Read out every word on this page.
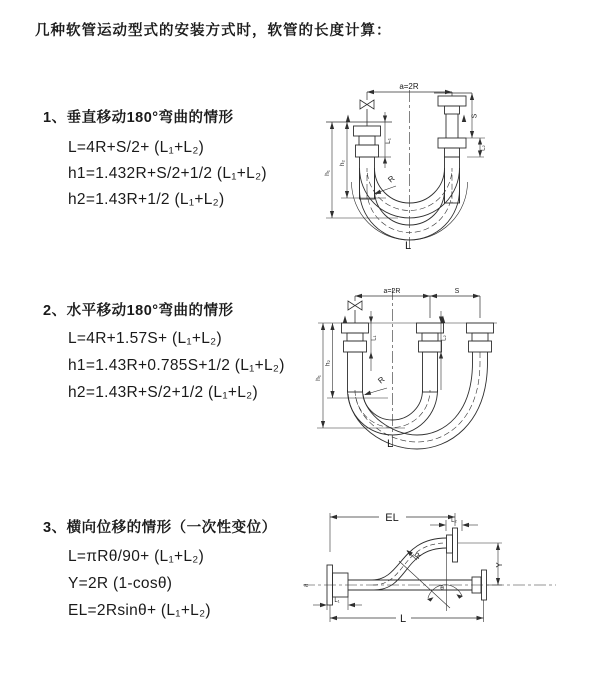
几种软管运动型式的安装方式时，软管的长度计算：
1、垂直移动180°弯曲的情形
L=4R+S/2+ (L₁+L₂)
h1=1.432R+S/2+1/2 (L₁+L₂)
h2=1.43R+1/2 (L₁+L₂)
2、水平移动180°弯曲的情形
L=4R+1.57S+ (L₁+L₂)
h1=1.43R+0.785S+1/2 (L₁+L₂)
h2=1.43R+S/2+1/2 (L₁+L₂)
3、横向位移的情形（一次性变位）
L=πRθ/90+ (L₁+L₂)
Y=2R (1-cosθ)
EL=2Rsinθ+ (L₁+L₂)
a=2R
L₁
S
L₂
h₂
h₁
R
L
a=2R	S
L₁	L₂
h₁
h₂
R
L
EL	L₂
Y
≈
R
θ
L
L₁
